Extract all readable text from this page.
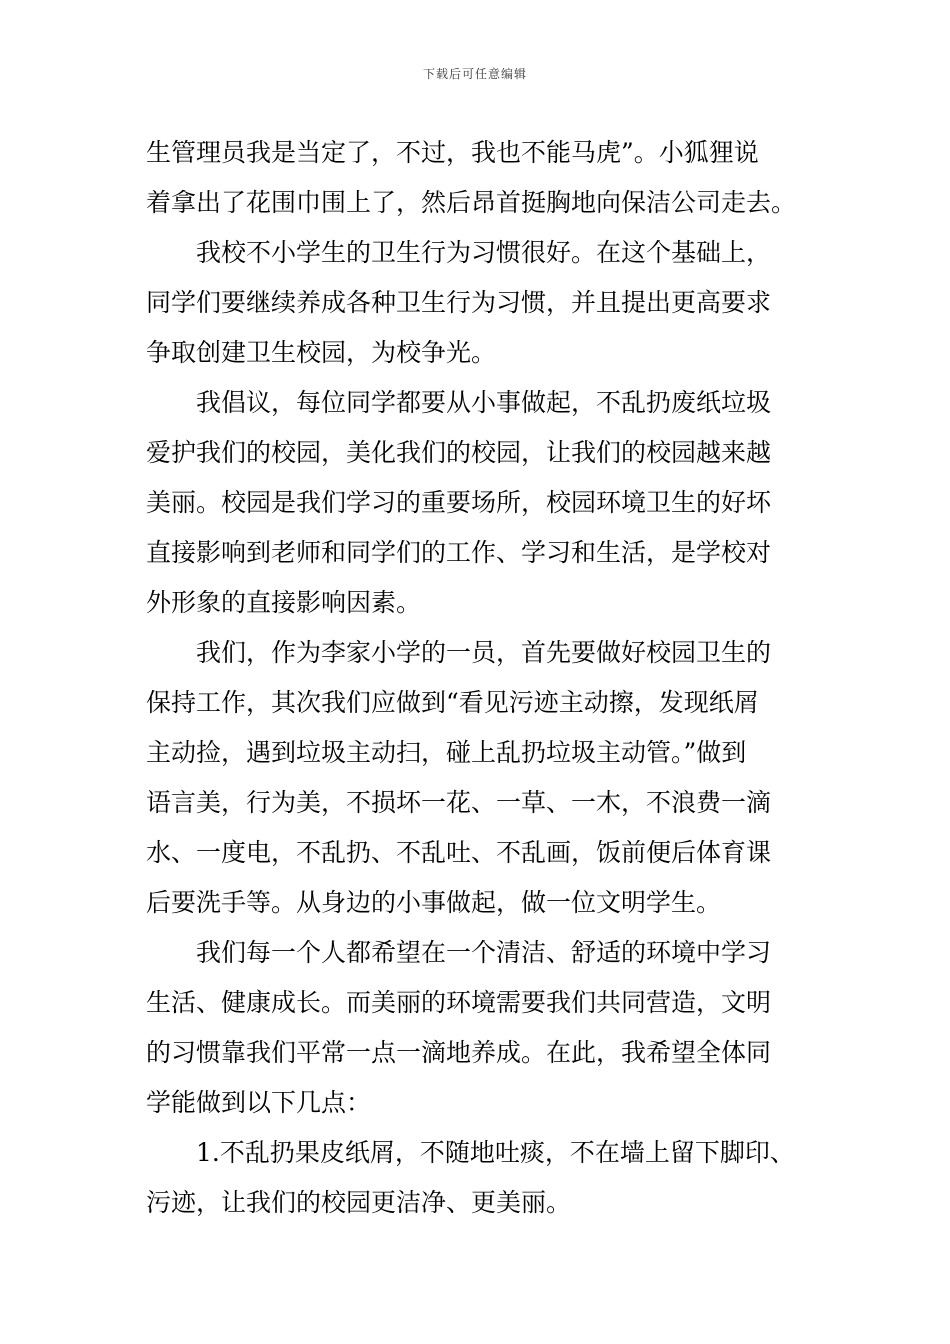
下载后可任意编辑
生管理员我是当定了，不过，我也不能马虎”。小狐狸说
着拿出了花围巾围上了，然后昂首挺胸地向保洁公司走去。
我校不小学生的卫生行为习惯很好。在这个基础上，
同学们要继续养成各种卫生行为习惯，并且提出更高要求
争取创建卫生校园，为校争光。
我倡议，每位同学都要从小事做起，不乱扔废纸垃圾
爱护我们的校园，美化我们的校园，让我们的校园越来越
美丽。校园是我们学习的重要场所，校园环境卫生的好坏
直接影响到老师和同学们的工作、学习和生活，是学校对
外形象的直接影响因素。
我们，作为李家小学的一员，首先要做好校园卫生的
保持工作，其次我们应做到“看见污迹主动擦，发现纸屑
主动捡，遇到垃圾主动扫，碰上乱扔垃圾主动管。”做到
语言美，行为美，不损坏一花、一草、一木，不浪费一滴
水、一度电，不乱扔、不乱吐、不乱画，饭前便后体育课
后要洗手等。从身边的小事做起，做一位文明学生。
我们每一个人都希望在一个清洁、舒适的环境中学习
生活、健康成长。而美丽的环境需要我们共同营造，文明
的习惯靠我们平常一点一滴地养成。在此，我希望全体同
学能做到以下几点：
1.不乱扔果皮纸屑，不随地吐痰，不在墙上留下脚印、
污迹，让我们的校园更洁净、更美丽。
